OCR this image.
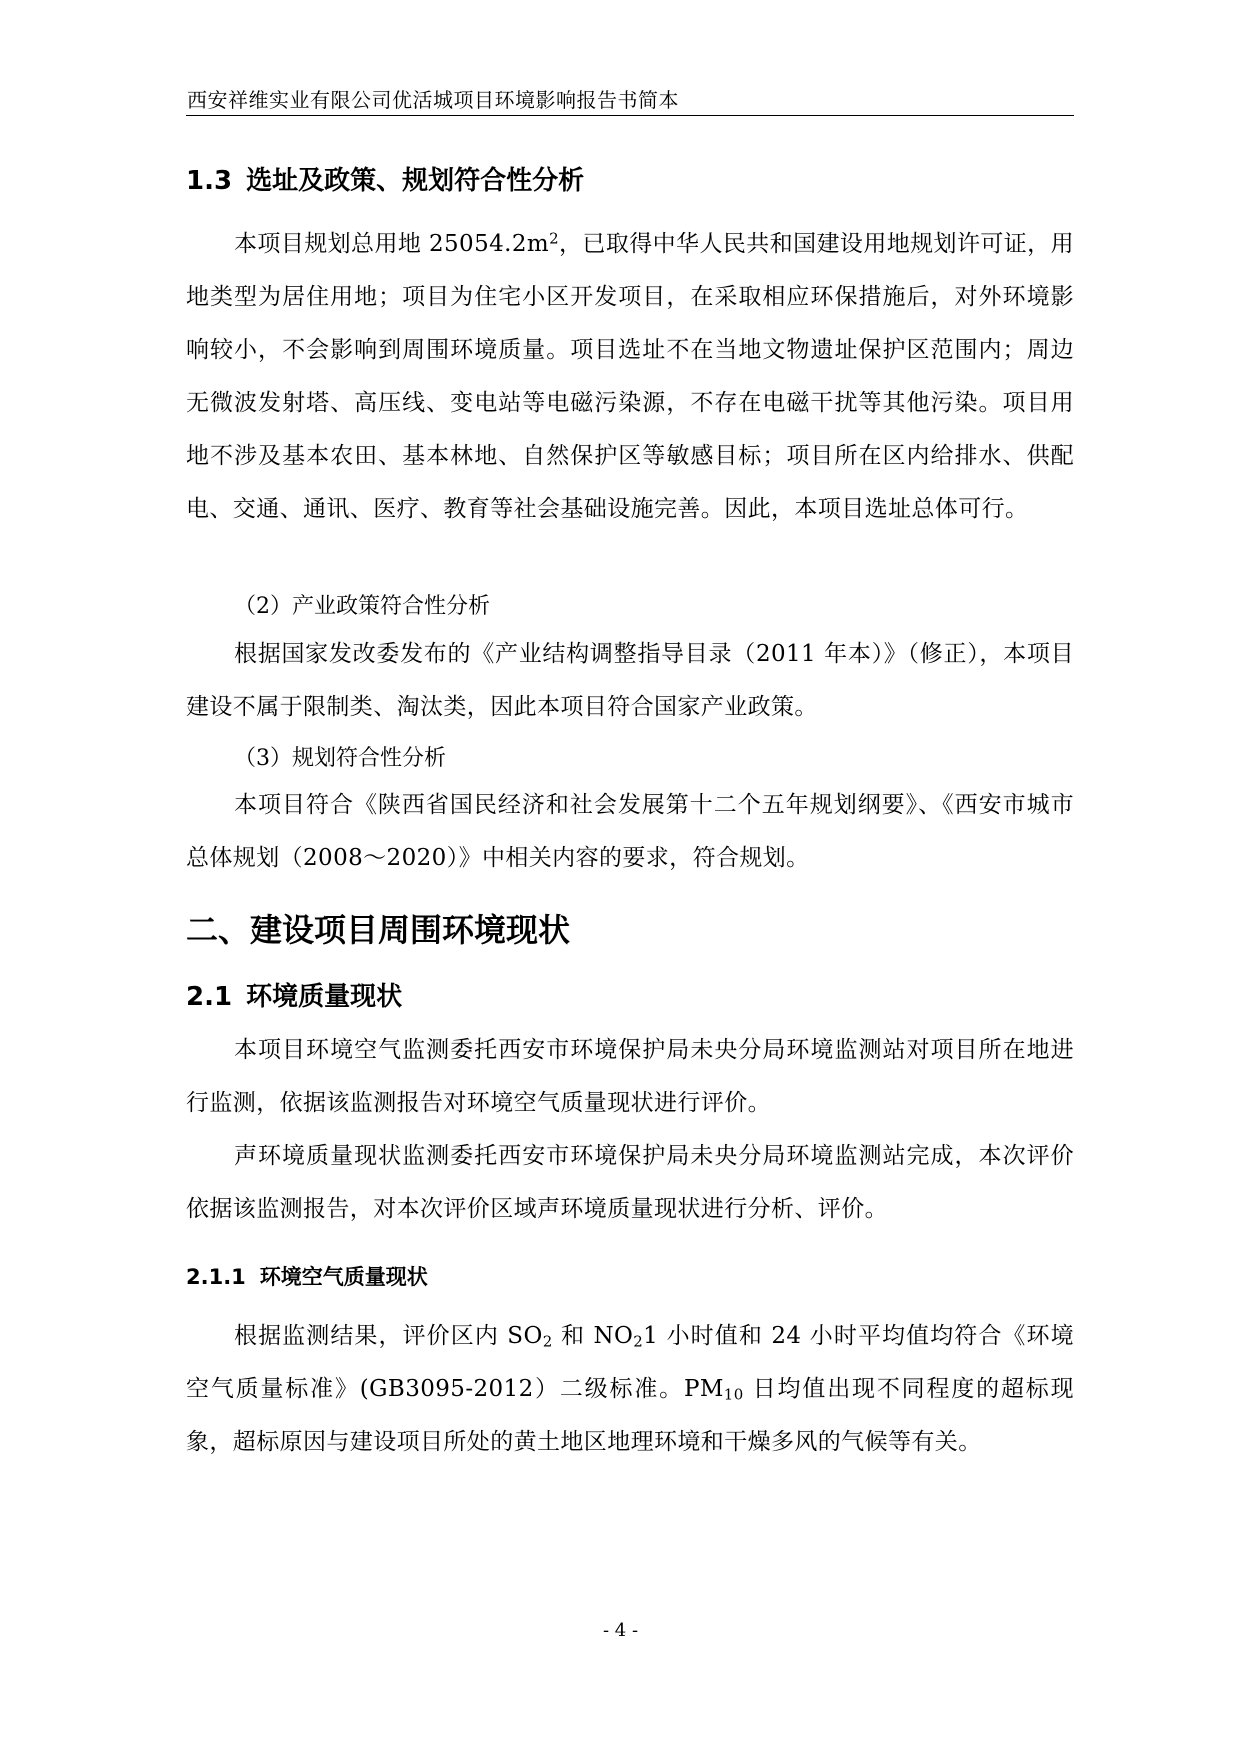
西安祥维实业有限公司优活城项目环境影响报告书简本
1.3 选址及政策、规划符合性分析
本项目规划总用地 $25054.2m^2$，已取得中华人民共和国建设用地规划许可证，用地类型为居住用地；项目为住宅小区开发项目，在采取相应环保措施后，对外环境影响较小，不会影响到周围环境质量。项目选址不在当地文物遗址保护区范围内；周边无微波发射塔、高压线、变电站等电磁污染源，不存在电磁干扰等其他污染。项目用地不涉及基本农田、基本林地、自然保护区等敏感目标；项目所在区内给排水、供配电、交通、通讯、医疗、教育等社会基础设施完善。因此，本项目选址总体可行。
（2）产业政策符合性分析
根据国家发改委发布的《产业结构调整指导目录（2011 年本）》（修正），本项目建设不属于限制类、淘汰类，因此本项目符合国家产业政策。
（3）规划符合性分析
本项目符合《陕西省国民经济和社会发展第十二个五年规划纲要》、《西安市城市总体规划（2008～2020）》中相关内容的要求，符合规划。
二、建设项目周围环境现状
2.1 环境质量现状
本项目环境空气监测委托西安市环境保护局未央分局环境监测站对项目所在地进行监测，依据该监测报告对环境空气质量现状进行评价。
声环境质量现状监测委托西安市环境保护局未央分局环境监测站完成，本次评价依据该监测报告，对本次评价区域声环境质量现状进行分析、评价。
2.1.1 环境空气质量现状
根据监测结果，评价区内 $SO_2$ 和 $NO_21$ 小时值和 24 小时平均值均符合《环境空气质量标准》(GB3095-2012）二级标准。$PM_{10}$ 日均值出现不同程度的超标现象，超标原因与建设项目所处的黄土地区地理环境和干燥多风的气候等有关。
- 4 -
